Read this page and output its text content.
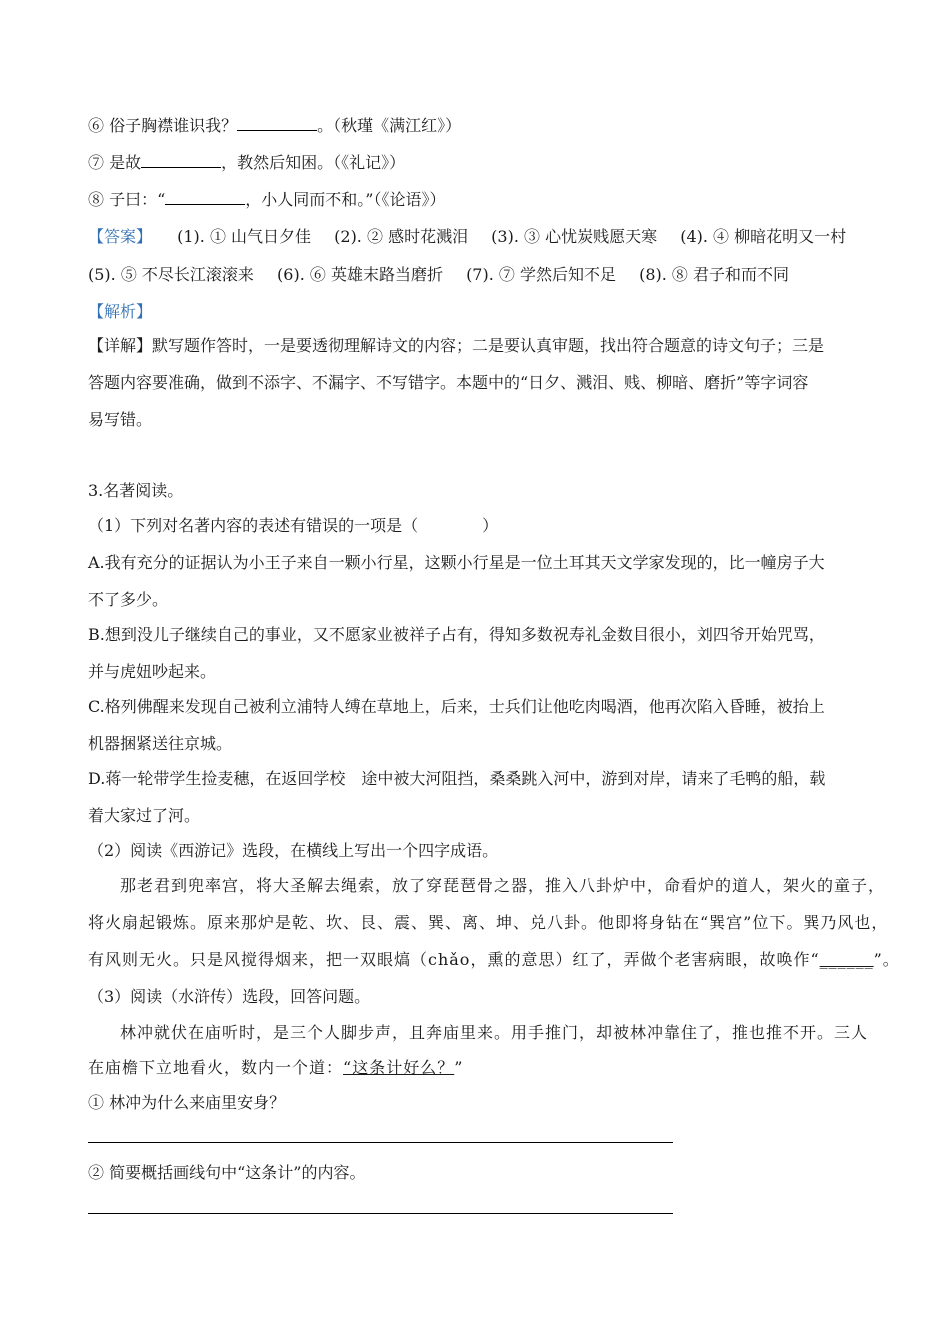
⑥ 俗子胸襟谁识我？	。（秋瑾《满江红》）
⑦ 是故	，教然后知困。（《礼记》）
⑧ 子曰：“	，小人同而不和。”（《论语》）
【答案】 (1). ① 山气日夕佳 (2). ② 感时花溅泪 (3). ③ 心忧炭贱愿天寒 (4). ④ 柳暗花明又一村
(5). ⑤ 不尽长江滚滚来 (6). ⑥ 英雄末路当磨折 (7). ⑦ 学然后知不足 (8). ⑧ 君子和而不同
【解析】
【详解】默写题作答时，一是要透彻理解诗文的内容；二是要认真审题，找出符合题意的诗文句子；三是
答题内容要准确，做到不添字、不漏字、不写错字。本题中的“日夕、溅泪、贱、柳暗、磨折”等字词容
易写错。
3.名著阅读。
（1）下列对名著内容的表述有错误的一项是（　　　　）
A.我有充分的证据认为小王子来自一颗小行星，这颗小行星是一位土耳其天文学家发现的，比一幢房子大
不了多少。
B.想到没儿子继续自己的事业，又不愿家业被祥子占有，得知多数祝寿礼金数目很小，刘四爷开始咒骂，
并与虎妞吵起来。
C.格列佛醒来发现自己被利立浦特人缚在草地上，后来，士兵们让他吃肉喝酒，他再次陷入昏睡，被抬上
机器捆紧送往京城。
D.蒋一轮带学生捡麦穗，在返回学校　途中被大河阻挡，桑桑跳入河中，游到对岸，请来了毛鸭的船，载
着大家过了河。
（2）阅读《西游记》选段，在横线上写出一个四字成语。
那老君到兜率宫，将大圣解去绳索，放了穿琵琶骨之器，推入八卦炉中，命看炉的道人，架火的童子，
将火扇起锻炼。原来那炉是乾、坎、艮、震、巽、离、坤、兑八卦。他即将身钻在“巽宫”位下。巽乃风也，
有风则无火。只是风搅得烟来，把一双眼熇（chǎo，熏的意思）红了，弄做个老害病眼，故唤作“______”。
（3）阅读（水浒传）选段，回答问题。
林冲就伏在庙听时，是三个人脚步声，且奔庙里来。用手推门，却被林冲靠住了，推也推不开。三人
在庙檐下立地看火，数内一个道：“这条计好么？”
① 林冲为什么来庙里安身？
② 简要概括画线句中“这条计”的内容。
